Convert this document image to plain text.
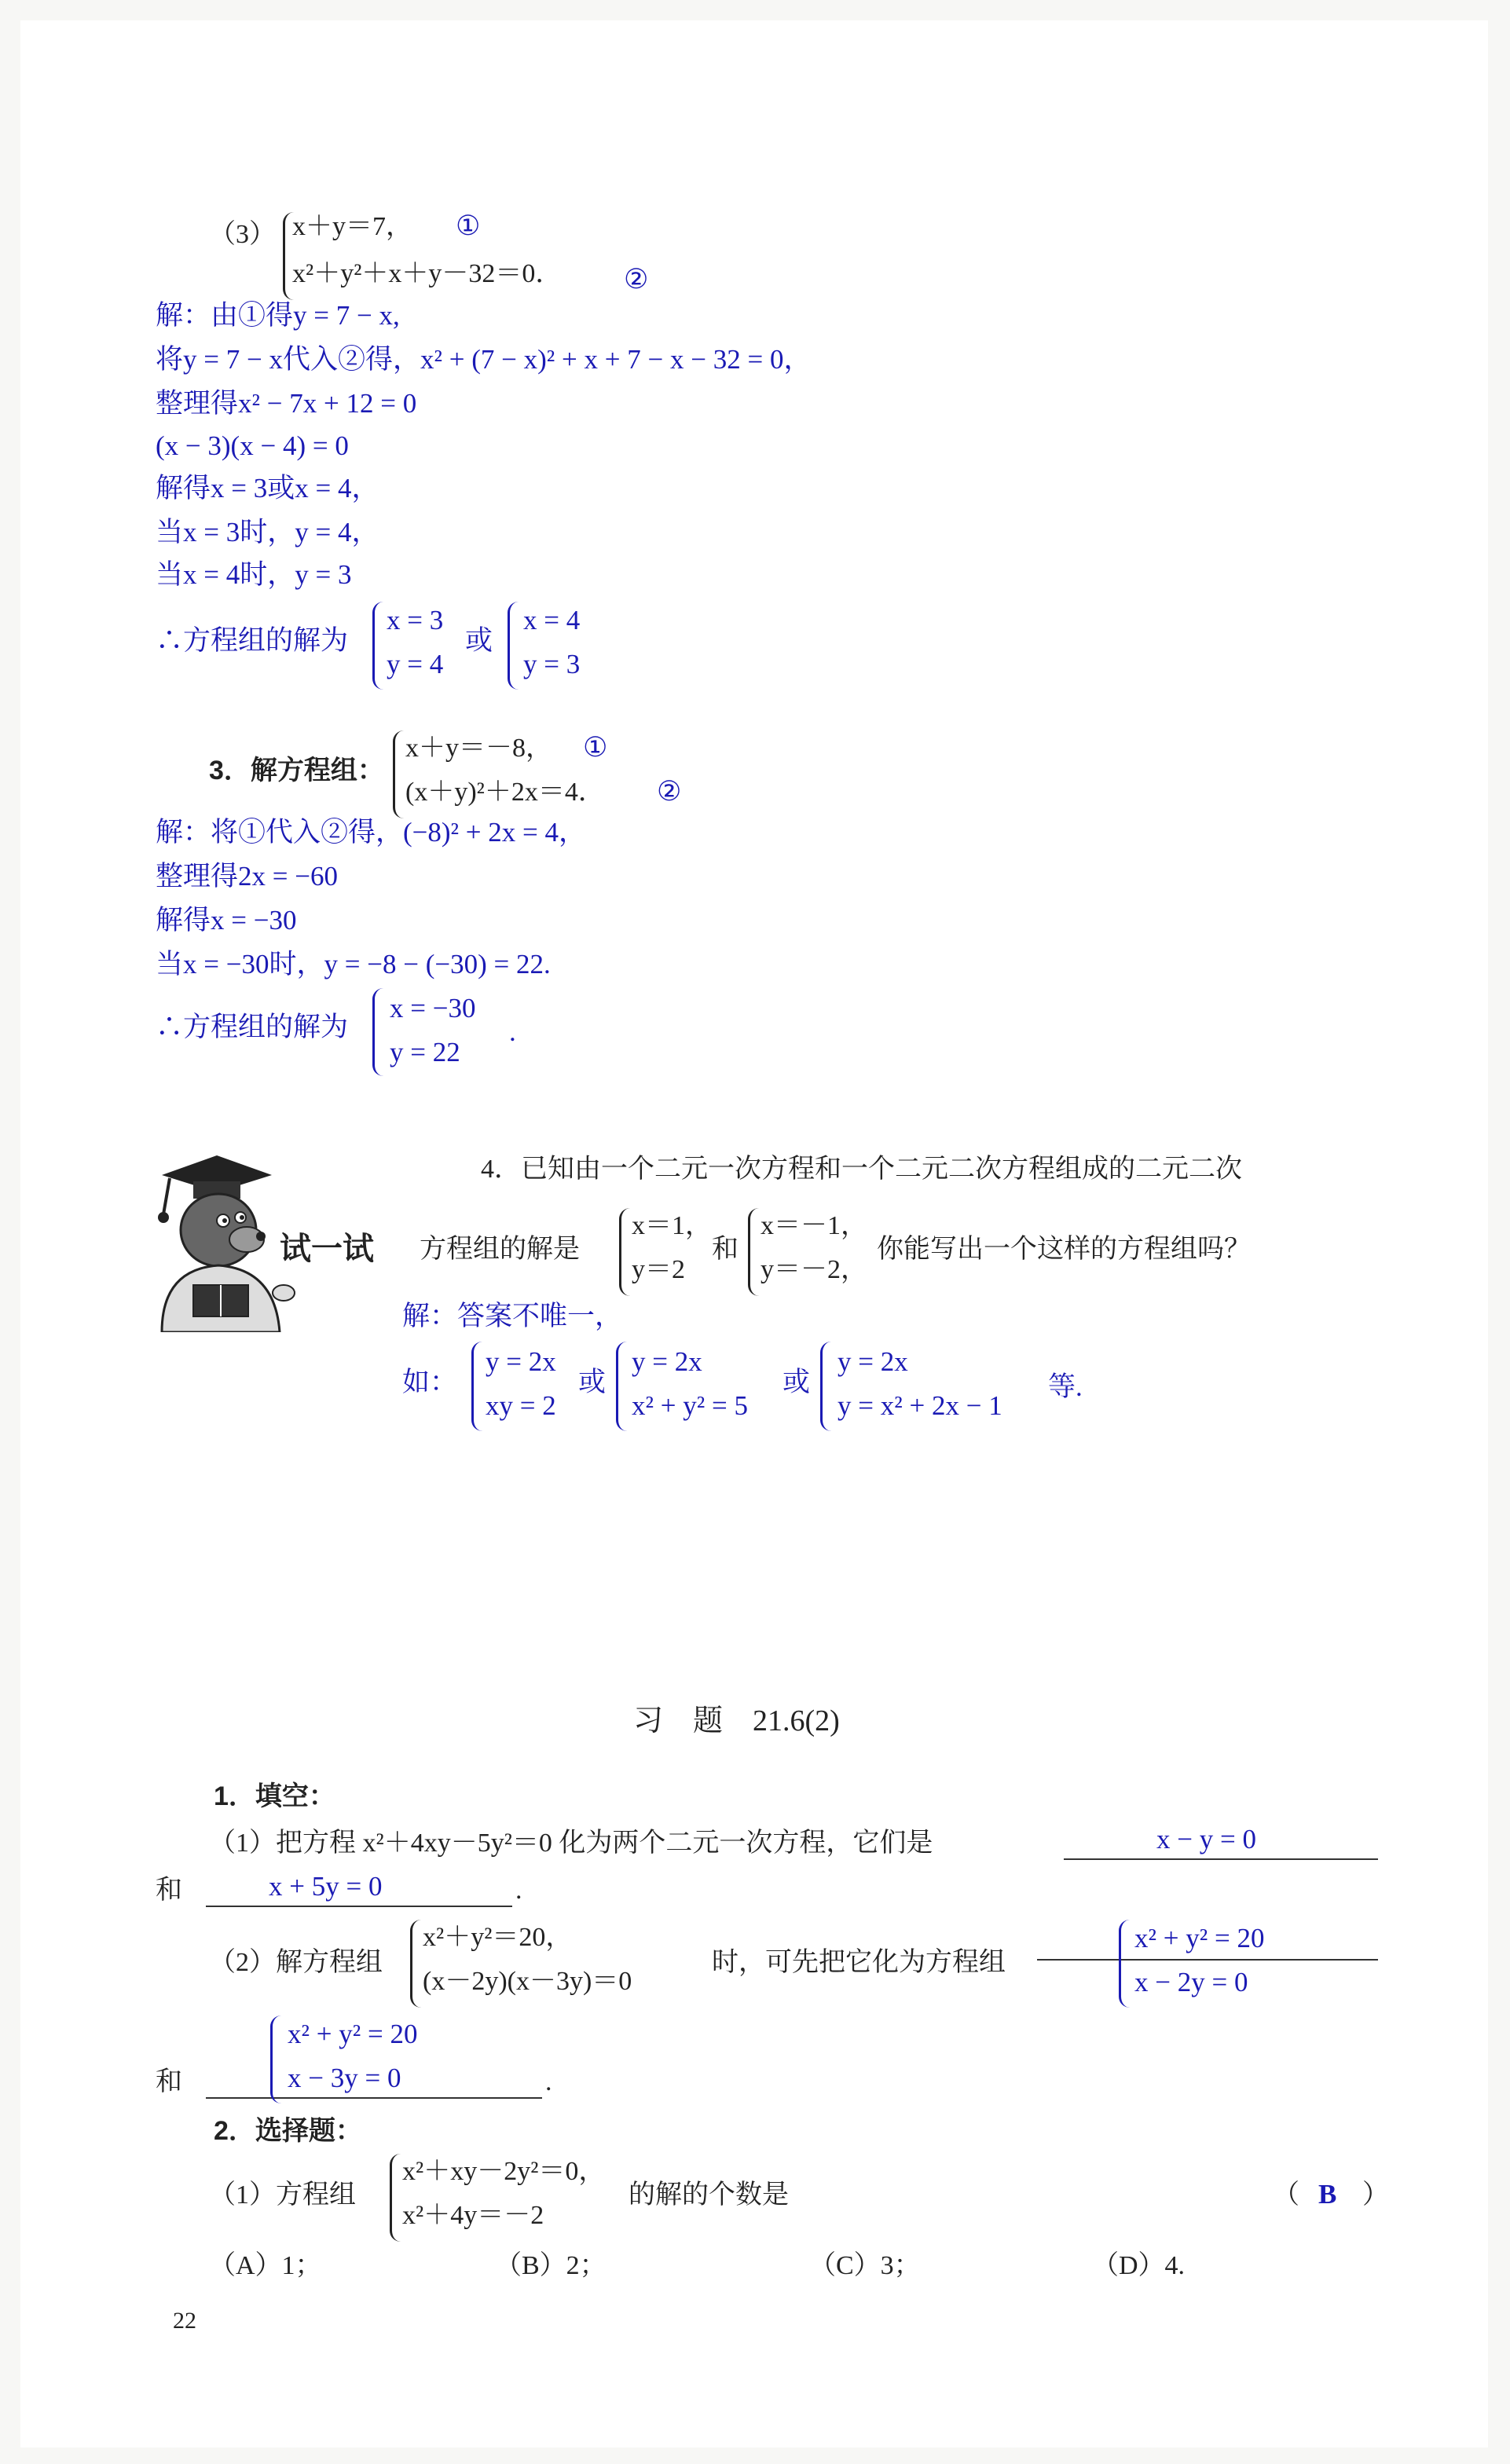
（3） x＋y＝7， ①
x²＋y²＋x＋y－32＝0． ②
解：由①得y = 7 − x,
将y = 7 − x代入②得，x² + (7 − x)² + x + 7 − x − 32 = 0，
整理得x² − 7x + 12 = 0
(x − 3)(x − 4) = 0
解得x = 3或x = 4，
当x = 3时，y = 4，
当x = 4时，y = 3
∴方程组的解为
x = 3
y = 4
或
x = 4
y = 3
3．解方程组：
x＋y＝－8， ①
(x＋y)²＋2x＝4． ②
解：将①代入②得，(−8)² + 2x = 4，
整理得2x = −60
解得x = −30
当x = −30时，y = −8 − (−30) = 22.
∴方程组的解为
x = −30
y = 22
.
试一试
4．已知由一个二元一次方程和一个二元二次方程组成的二元二次
方程组的解是
x＝1，
y＝2
和
x＝－1，
y＝－2，
你能写出一个这样的方程组吗？
解：答案不唯一，
如：
y = 2x
xy = 2
或
y = 2x
x² + y² = 5
或
y = 2x
y = x² + 2x − 1
等.
习　题　21.6(2)
1．填空：
（1）把方程 x²＋4xy－5y²＝0 化为两个二元一次方程，它们是	x − y = 0
和	x + 5y = 0	.
（2）解方程组
x²＋y²＝20，
(x－2y)(x－3y)＝0
时，可先把它化为方程组
x² + y² = 20
x − 2y = 0
和
x² + y² = 20
x − 3y = 0	.
2．选择题：
（1）方程组
x²＋xy－2y²＝0，
x²＋4y＝－2
的解的个数是	（ B ）
（A）1；	（B）2；	（C）3；	（D）4.
22
